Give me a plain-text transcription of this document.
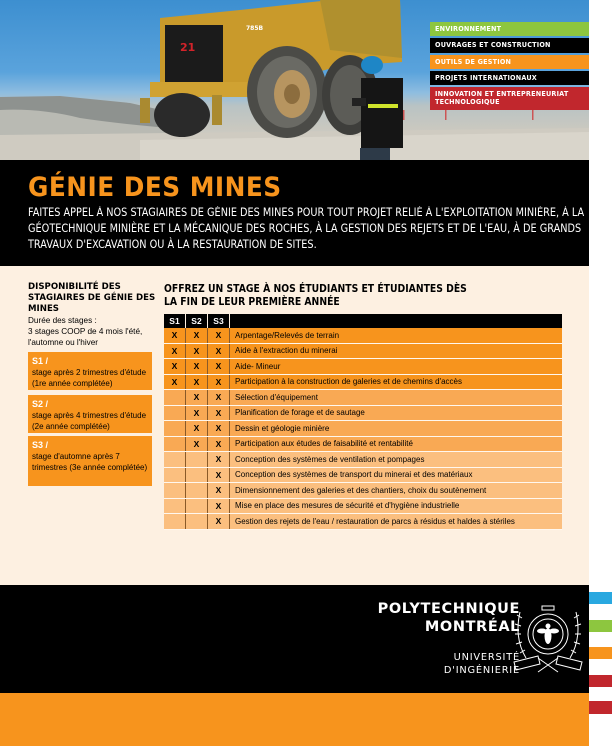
21
785B	ENVIRONNEMENT
OUVRAGES ET CONSTRUCTION
OUTILS DE GESTION
PROJETS INTERNATIONAUX
INNOVATION ET ENTREPRENEURIAT TECHNOLOGIQUE
GÉNIE DES MINES
FAITES APPEL À NOS STAGIAIRES DE GÉNIE DES MINES POUR TOUT PROJET RELIÉ À L'EXPLOITATION MINIÈRE, À LA GÉOTECHNIQUE MINIÈRE ET LA MÉCANIQUE DES ROCHES, À LA GESTION DES REJETS ET DE L'EAU, À DE GRANDS TRAVAUX D'EXCAVATION OU À LA RESTAURATION DE SITES.
DISPONIBILITÉ DES STAGIAIRES DE GÉNIE DES MINES
Durée des stages :
3 stages COOP de 4 mois l'été, l'automne ou l'hiver
S1 /
stage après 2 trimestres d'étude (1re année complétée)
S2 /
stage après 4 trimestres d'étude (2e année complétée)
S3 /
stage d'automne après 7 trimestres (3e année complétée)
OFFREZ UN STAGE À NOS ÉTUDIANTS ET ÉTUDIANTES DÈS LA FIN DE LEUR PREMIÈRE ANNÉE
S1	S2	S3	
X	X	X	Arpentage/Relevés de terrain
X	X	X	Aide à l'extraction du minerai
X	X	X	Aide- Mineur
X	X	X	Participation à la construction de galeries et de chemins d'accès
	X	X	Sélection d'équipement
	X	X	Planification de forage et de sautage
	X	X	Dessin et géologie minière
	X	X	Participation aux études de faisabilité et rentabilité
		X	Conception des systèmes de ventilation et pompages
		X	Conception des systèmes de transport du minerai et des matériaux
		X	Dimensionnement des galeries et des chantiers, choix du soutènement
		X	Mise en place des mesures de sécurité et d'hygiène industrielle
		X	Gestion des rejets de l'eau / restauration de parcs à résidus et haldes à stériles
POLYTECHNIQUE
MONTRÉAL
UNIVERSITÉ
D'INGÉNIERIE
